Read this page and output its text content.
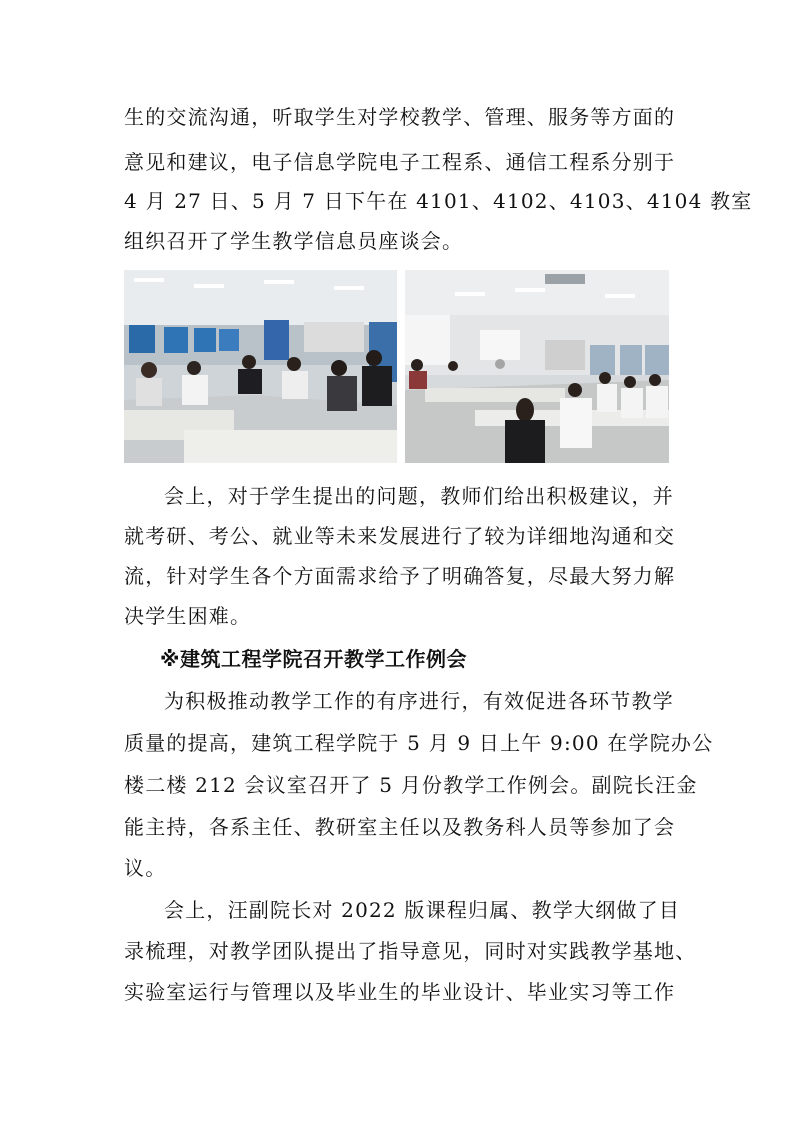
生的交流沟通，听取学生对学校教学、管理、服务等方面的
意见和建议，电子信息学院电子工程系、通信工程系分别于
4 月 27 日、5 月 7 日下午在 4101、4102、4103、4104 教室
组织召开了学生教学信息员座谈会。
会上，对于学生提出的问题，教师们给出积极建议，并
就考研、考公、就业等未来发展进行了较为详细地沟通和交
流，针对学生各个方面需求给予了明确答复，尽最大努力解
决学生困难。
※建筑工程学院召开教学工作例会
为积极推动教学工作的有序进行，有效促进各环节教学
质量的提高，建筑工程学院于 5 月 9 日上午 9:00 在学院办公
楼二楼 212 会议室召开了 5 月份教学工作例会。副院长汪金
能主持，各系主任、教研室主任以及教务科人员等参加了会
议。
会上，汪副院长对 2022 版课程归属、教学大纲做了目
录梳理，对教学团队提出了指导意见，同时对实践教学基地、
实验室运行与管理以及毕业生的毕业设计、毕业实习等工作
